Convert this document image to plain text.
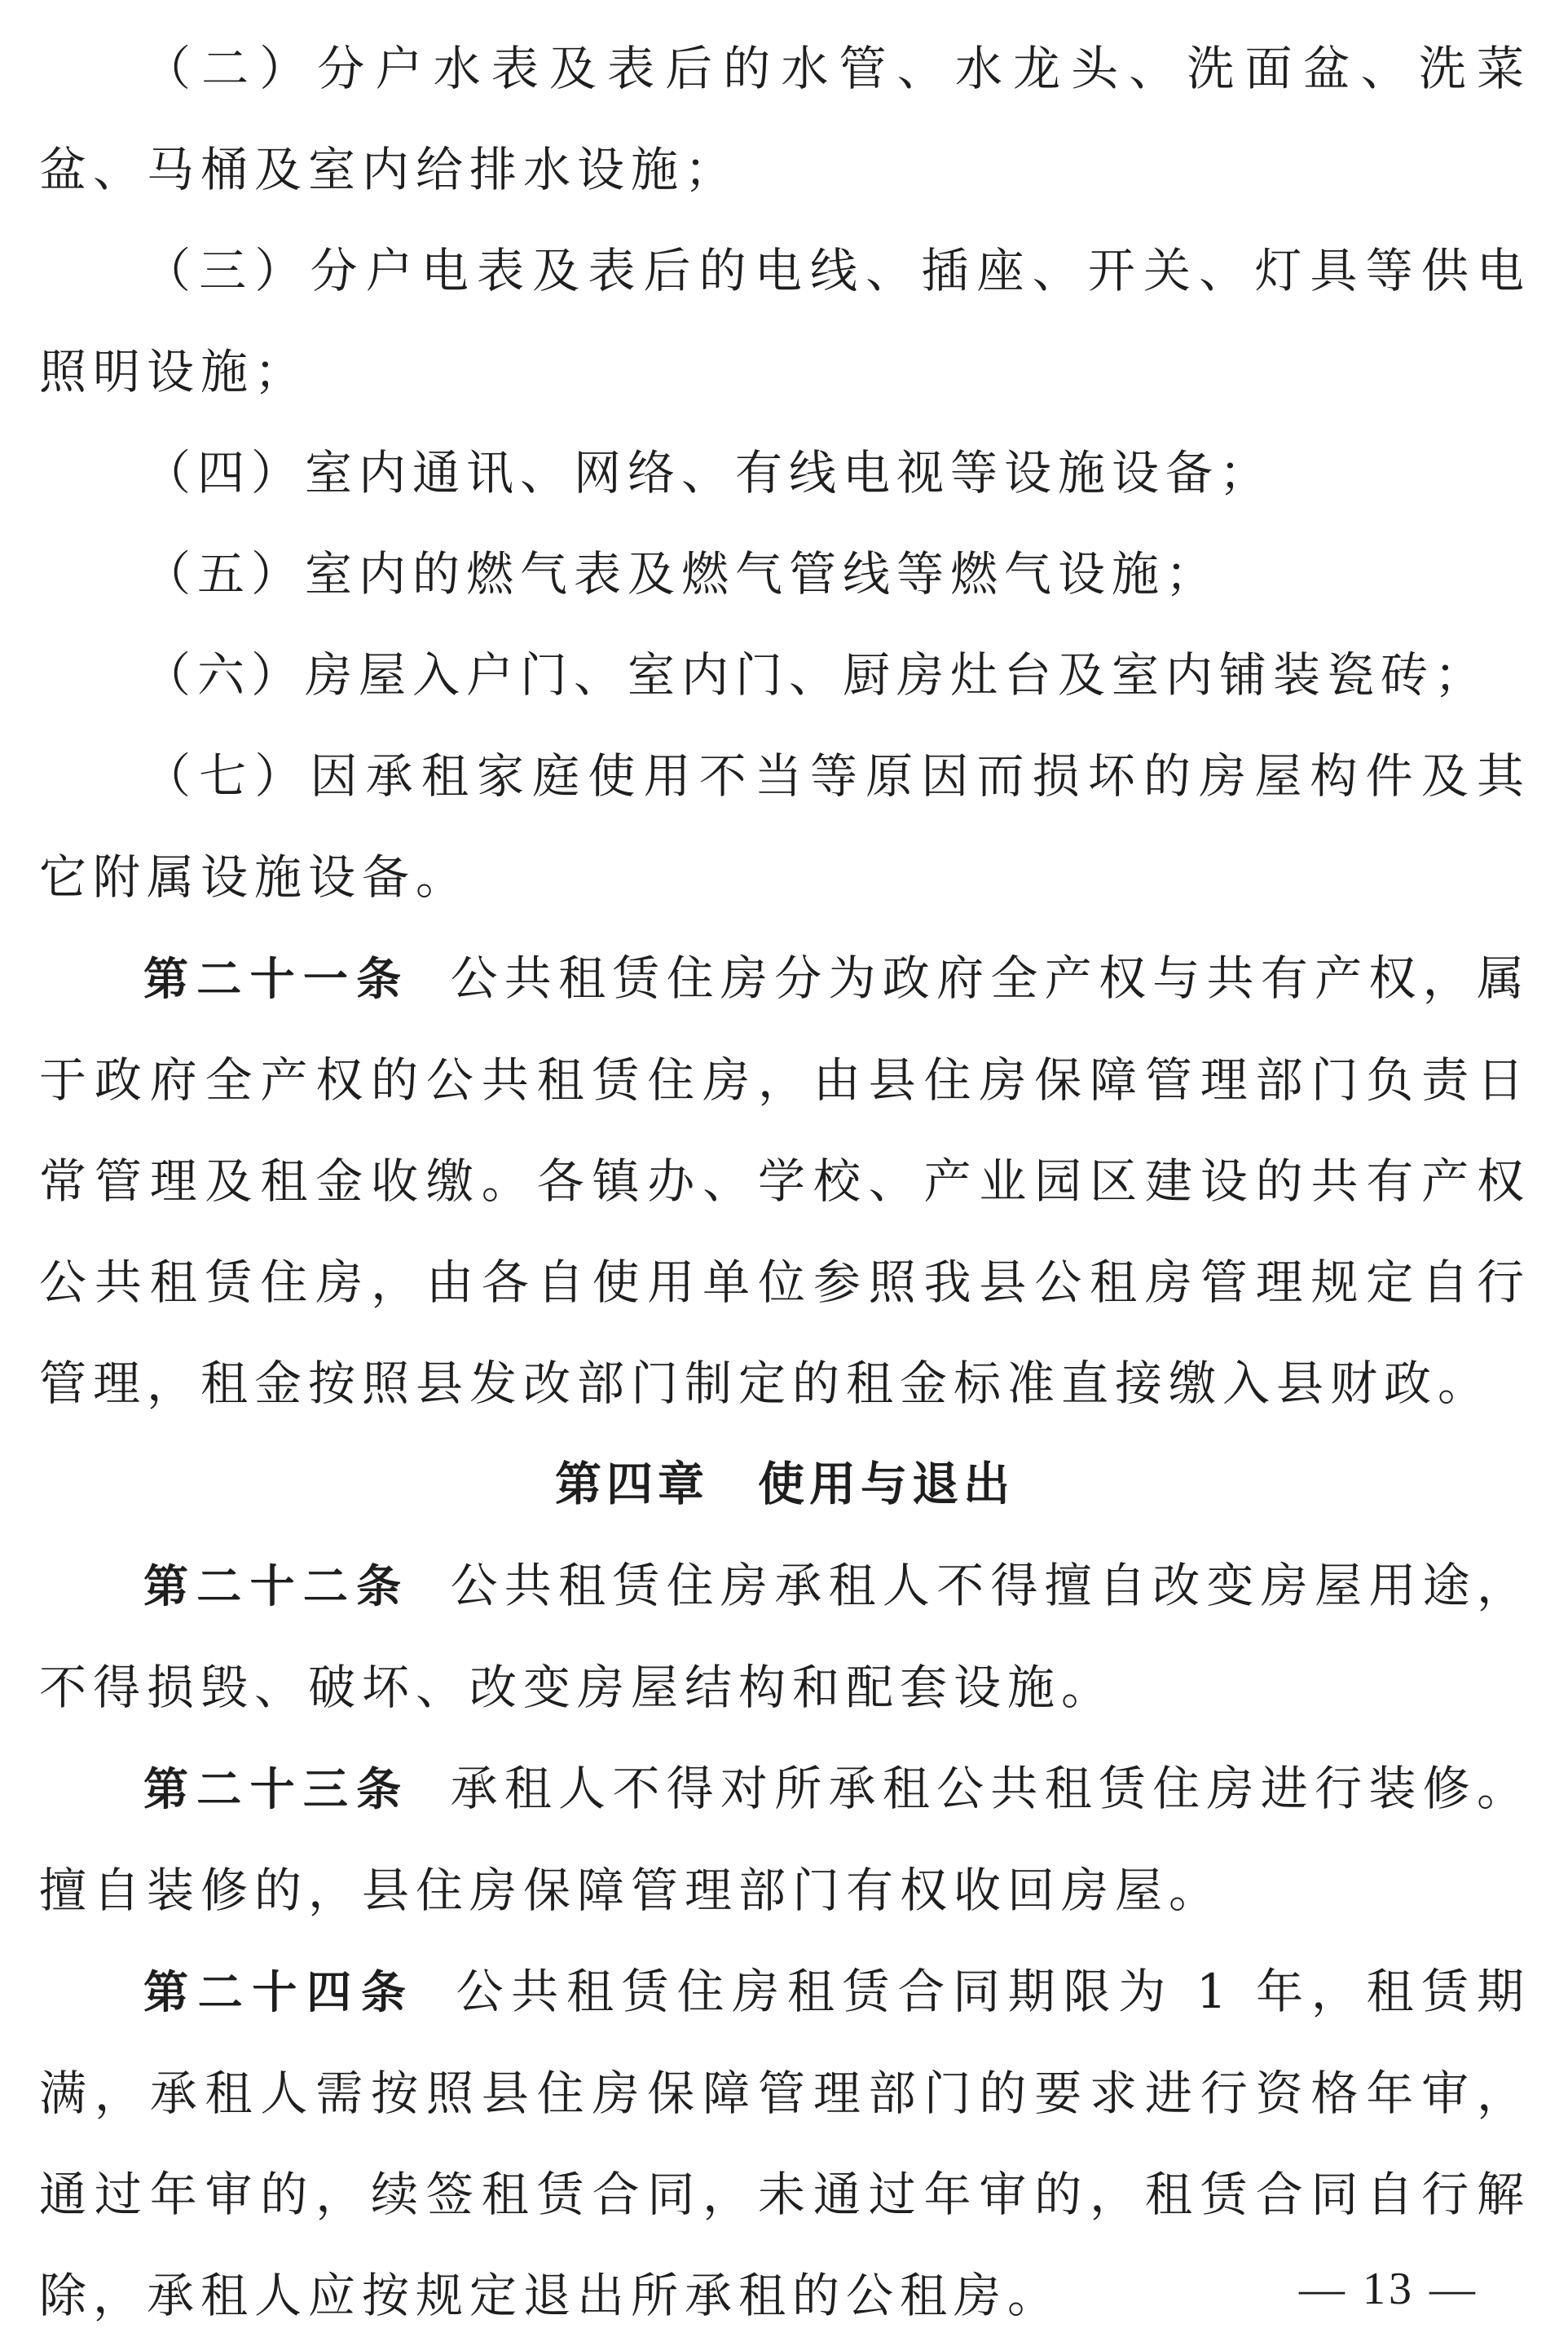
（二）分户水表及表后的水管、水龙头、洗面盆、洗菜盆、马桶及室内给排水设施；

（三）分户电表及表后的电线、插座、开关、灯具等供电照明设施；

（四）室内通讯、网络、有线电视等设施设备；

（五）室内的燃气表及燃气管线等燃气设施；

（六）房屋入户门、室内门、厨房灶台及室内铺装瓷砖；

（七）因承租家庭使用不当等原因而损坏的房屋构件及其它附属设施设备。

第二十一条 公共租赁住房分为政府全产权与共有产权，属于政府全产权的公共租赁住房，由县住房保障管理部门负责日常管理及租金收缴。各镇办、学校、产业园区建设的共有产权公共租赁住房，由各自使用单位参照我县公租房管理规定自行管理，租金按照县发改部门制定的租金标准直接缴入县财政。

第四章 使用与退出

第二十二条 公共租赁住房承租人不得擅自改变房屋用途，不得损毁、破坏、改变房屋结构和配套设施。

第二十三条 承租人不得对所承租公共租赁住房进行装修。擅自装修的，县住房保障管理部门有权收回房屋。

第二十四条 公共租赁住房租赁合同期限为 1 年，租赁期满，承租人需按照县住房保障管理部门的要求进行资格年审，通过年审的，续签租赁合同，未通过年审的，租赁合同自行解除，承租人应按规定退出所承租的公租房。	— 13 —
